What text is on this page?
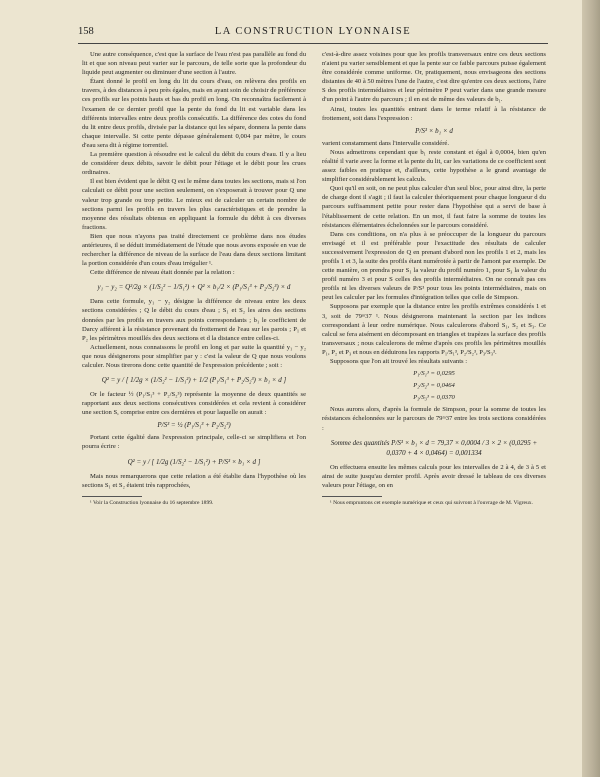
158	LA CONSTRUCTION LYONNAISE

Une autre conséquence, c'est que la surface de l'eau n'est pas parallèle au fond du lit et que son niveau peut varier sur le parcours, de telle sorte que la profondeur du liquide peut augmenter ou diminuer d'une section à l'autre.

Étant donné le profil en long du lit du cours d'eau, on relèvera des profils en travers, à des distances à peu près égales, mais en ayant soin de choisir de préférence ces profils sur les points hauts et bas du profil en long. On reconnaîtra facilement à l'examen de ce dernier profil que la pente du fond du lit est variable dans les différents intervalles entre deux profils consécutifs. La différence des cotes du fond du lit entre deux profils, divisée par la distance qui les sépare, donnera la pente dans chaque intervalle. Si cette pente dépasse généralement 0,004 par mètre, le cours d'eau sera dit à régime torrentiel.

La première question à résoudre est le calcul du débit du cours d'eau. Il y a lieu de considérer deux débits, savoir le débit pour l'étiage et le débit pour les crues ordinaires.

Il est bien évident que le débit Q est le même dans toutes les sections, mais si l'on calculait ce débit pour une section seulement, on s'exposerait à trouver pour Q une valeur trop grande ou trop petite. Le mieux est de calculer un certain nombre de sections parmi les profils en travers les plus caractéristiques et de prendre la moyenne des résultats obtenus en appliquant la formule du débit à ces diverses fractions.

Bien que nous n'ayons pas traité directement ce problème dans nos études antérieures, il se déduit immédiatement de l'étude que nous avons exposée en vue de rechercher la différence de niveau de la surface de l'eau dans deux sections limitant la portion considérée d'un cours d'eau irrégulier ¹.

Cette différence de niveau était donnée par la relation :

y₁ − y₂ = Q²/2g × (1/S₂² − 1/S₁²) + Q² × b₁/2 × (P₁/S₁³ + P₂/S₂³) × d

Dans cette formule, y₁ − y₂ désigne la différence de niveau entre les deux sections considérées ; Q le débit du cours d'eau ; S₁ et S₂ les aires des sections données par les profils en travers aux points correspondants ; b₁ le coefficient de Darcy afférent à la résistance provenant du frottement de l'eau sur les parois ; P₁ et P₂ les périmètres mouillés des deux sections et d la distance entre celles-ci.

Actuellement, nous connaissons le profil en long et par suite la quantité y₁ − y₂ que nous désignerons pour simplifier par y : c'est la valeur de Q que nous voulons calculer. Nous tirerons donc cette quantité de l'expression précédente ; soit :

Q² = y / [ 1/2g × (1/S₂² − 1/S₁²) + 1/2 (P₁/S₁³ + P₂/S₂³) × b₁ × d ]

Or le facteur ½ (P₁/S₁³ + P₂/S₂³) représente la moyenne de deux quantités se rapportant aux deux sections consécutives considérées et cela revient à considérer une section S, comprise entre ces dernières et pour laquelle on aurait :

P/S³ = ½ (P₁/S₁³ + P₂/S₂³)

Portant cette égalité dans l'expression principale, celle-ci se simplifiera et l'on pourra écrire :

Q² = y / [ 1/2g (1/S₂² − 1/S₁²) + P/S³ × b₁ × d ]

Mais nous remarquerons que cette relation a été établie dans l'hypothèse où les sections S₁ et S₂ étaient très rapprochées,

¹ Voir la Construction lyonnaise du 16 septembre 1899.

c'est-à-dire assez voisines pour que les profils transversaux entre ces deux sections n'aient pu varier sensiblement et que la pente sur ce faible parcours puisse également être considérée comme uniforme. Or, pratiquement, nous envisageons des sections distantes de 40 à 50 mètres l'une de l'autre, c'est dire qu'entre ces deux sections, l'aire S des profils intermédiaires et leur périmètre P peut varier dans une grande mesure d'un point à l'autre du parcours ; il en est de même des valeurs de b₁.

Ainsi, toutes les quantités entrant dans le terme relatif à la résistance de frottement, soit dans l'expression :

P/S³ × b₁ × d

varient constamment dans l'intervalle considéré.

Nous admettrons cependant que b₁ reste constant et égal à 0,0004, bien qu'en réalité il varie avec la forme et la pente du lit, car les variations de ce coefficient sont assez faibles en pratique et, d'ailleurs, cette hypothèse a le grand avantage de simplifier considérablement les calculs.

Quoi qu'il en soit, on ne peut plus calculer d'un seul bloc, pour ainsi dire, la perte de charge dont il s'agit ; il faut la calculer théoriquement pour chaque longueur d du parcours suffisamment petite pour rester dans l'hypothèse qui a servi de base à l'établissement de cette relation. En un mot, il faut faire la somme de toutes les résistances élémentaires échelonnées sur le parcours considéré.

Dans ces conditions, on n'a plus à se préoccuper de la longueur du parcours envisagé et il est préférable pour l'exactitude des résultats de calculer successivement l'expression de Q en prenant d'abord non les profils 1 et 2, mais les profils 1 et 3, la suite des profils étant numérotée à partir de l'amont par exemple. De cette manière, on prendra pour S₁ la valeur du profil numéro 1, pour S₃ la valeur du profil numéro 3 et pour S celles des profils intermédiaires. On ne connaît pas ces profils ni les diverses valeurs de P/S³ pour tous les points intermédiaires, mais on peut les calculer par les formules d'intégration telles que celle de Simpson.

Supposons par exemple que la distance entre les profils extrêmes considérés 1 et 3, soit de 79ᵐ37 ¹. Nous désignerons maintenant la section par les indices correspondant à leur ordre numérique. Nous calculerons d'abord S₁, S₂ et S₃. Ce calcul se fera aisément en décomposant en triangles et trapèzes la surface des profils transversaux ; nous calculerons de même d'après ces profils les périmètres mouillés P₁, P₂ et P₃ et nous en déduirons les rapports P₁/S₁³, P₂/S₂³, P₃/S₃³.

Supposons que l'on ait trouvé les résultats suivants :

P₁/S₁³ = 0,0295
P₂/S₂³ = 0,0464
P₃/S₃³ = 0,0370

Nous aurons alors, d'après la formule de Simpson, pour la somme de toutes les résistances échelonnées sur le parcours de 79ᵐ37 entre les trois sections considérées :

Somme des quantités P/S³ × b₁ × d = 79,37 × 0,0004 / 3 × 2 × (0,0295 + 0,0370 + 4 × 0,0464) = 0,001334

On effectuera ensuite les mêmes calculs pour les intervalles de 2 à 4, de 3 à 5 et ainsi de suite jusqu'au dernier profil. Après avoir dressé le tableau de ces diverses valeurs pour l'étiage, on en

¹ Nous empruntons cet exemple numérique et ceux qui suivront à l'ouvrage de M. Vigreux.
